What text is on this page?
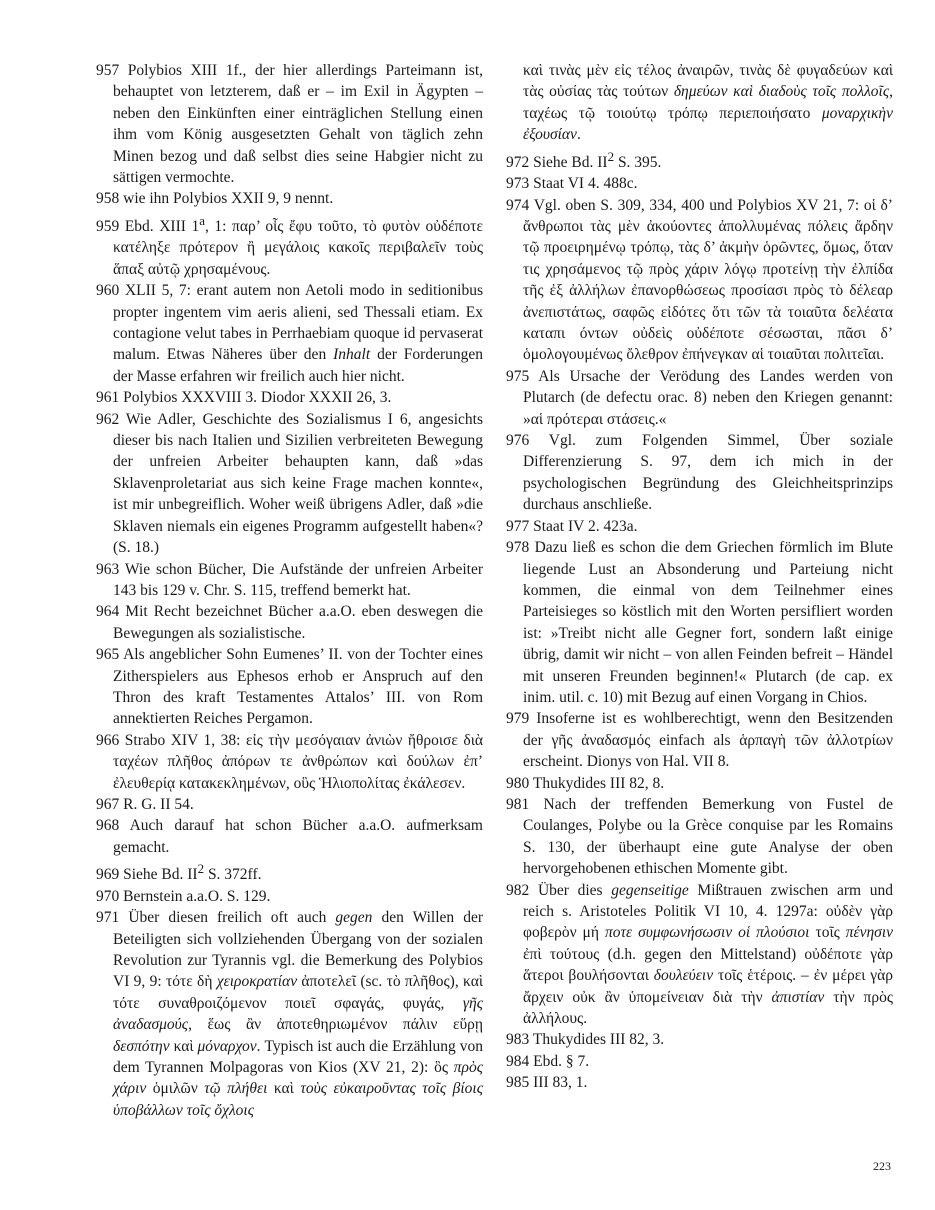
957 Polybios XIII 1f., der hier allerdings Parteimann ist, behauptet von letzterem, daß er – im Exil in Ägypten – neben den Einkünften einer einträglichen Stellung einen ihm vom König ausgesetzten Gehalt von täglich zehn Minen bezog und daß selbst dies seine Habgier nicht zu sättigen vermochte.

958 wie ihn Polybios XXII 9, 9 nennt.

959 Ebd. XIII 1$^a$, 1: παρ’ οἷς ἔφυ τοῦτο, τὸ φυτὸν οὐδέποτε κατέληξε πρότερον ἢ μεγάλοις κακοῖς περιβαλεῖν τοὺς ἅπαξ αὐτῷ χρησαμένους.

960 XLII 5, 7: erant autem non Aetoli modo in seditionibus propter ingentem vim aeris alieni, sed Thessali etiam. Ex contagione velut tabes in Perrhaebiam quoque id pervaserat malum. Etwas Näheres über den Inhalt der Forderungen der Masse erfahren wir freilich auch hier nicht.

961 Polybios XXXVIII 3. Diodor XXXII 26, 3.

962 Wie Adler, Geschichte des Sozialismus I 6, angesichts dieser bis nach Italien und Sizilien verbreiteten Bewegung der unfreien Arbeiter behaupten kann, daß »das Sklavenproletariat aus sich keine Frage machen konnte«, ist mir unbegreiflich. Woher weiß übrigens Adler, daß »die Sklaven niemals ein eigenes Programm aufgestellt haben«? (S. 18.)

963 Wie schon Bücher, Die Aufstände der unfreien Arbeiter 143 bis 129 v. Chr. S. 115, treffend bemerkt hat.

964 Mit Recht bezeichnet Bücher a.a.O. eben deswegen die Bewegungen als sozialistische.

965 Als angeblicher Sohn Eumenes’ II. von der Tochter eines Zitherspielers aus Ephesos erhob er Anspruch auf den Thron des kraft Testamentes Attalos’ III. von Rom annektierten Reiches Pergamon.

966 Strabo XIV 1, 38: εἰς τὴν μεσόγαιαν ἀνιὼν ἤθροισε διὰ ταχέων πλῆθος ἀπόρων τε ἀνθρώπων καὶ δούλων ἐπ’ ἐλευθερίᾳ κατακεκλημένων, οὓς Ἡλιοπολίτας ἐκάλεσεν.

967 R. G. II 54.

968 Auch darauf hat schon Bücher a.a.O. aufmerksam gemacht.

969 Siehe Bd. $II^2$ S. 372ff.

970 Bernstein a.a.O. S. 129.

971 Über diesen freilich oft auch gegen den Willen der Beteiligten sich vollziehenden Übergang von der sozialen Revolution zur Tyrannis vgl. die Bemerkung des Polybios VI 9, 9: τότε δὴ χειροκρατίαν ἀποτελεῖ (sc. τὸ πλῆθος), καὶ τότε συναθροιζόμενον ποιεῖ σφαγάς, φυγάς, γῆς ἀναδασμούς, ἕως ἂν ἀποτεθηριωμένον πάλιν εὕρῃ δεσπότην καὶ μόναρχον. Typisch ist auch die Erzählung von dem Tyrannen Molpagoras von Kios (XV 21, 2): ὃς πρὸς χάριν ὁμιλῶν τῷ πλήθει καὶ τοὺς εὐκαιροῦντας τοῖς βίοις ὑποβάλλων τοῖς ὄχλοις

καὶ τινὰς μὲν εἰς τέλος ἀναιρῶν, τινὰς δὲ φυγαδεύων καὶ τὰς οὐσίας τὰς τούτων δημεύων καὶ διαδοὺς τοῖς πολλοῖς, ταχέως τῷ τοιούτῳ τρόπῳ περιεποιήσατο μοναρχικὴν ἐξουσίαν.

972 Siehe Bd. $II^2$ S. 395.

973 Staat VI 4. 488c.

974 Vgl. oben S. 309, 334, 400 und Polybios XV 21, 7: οἱ δ’ ἄνθρωποι τὰς μὲν ἀκούοντες ἀπολλυμένας πόλεις ἄρδην τῷ προειρημένῳ τρόπῳ, τὰς δ’ ἀκμὴν ὁρῶντες, ὅμως, ὅταν τις χρησάμενος τῷ πρὸς χάριν λόγῳ προτείνῃ τὴν ἐλπίδα τῆς ἐξ ἀλλήλων ἐπανορθώσεως προσίασι πρὸς τὸ δέλεαρ ἀνεπιστάτως, σαφῶς εἰδότες ὅτι τῶν τὰ τοιαῦτα δελέατα καταπι όντων οὐδεὶς οὐδέποτε σέσωσται, πᾶσι δ’ ὁμολογουμένως ὄλεθρον ἐπήνεγκαν αἱ τοιαῦται πολιτεῖαι.

975 Als Ursache der Verödung des Landes werden von Plutarch (de defectu orac. 8) neben den Kriegen genannt: »αἱ πρότεραι στάσεις.«

976 Vgl. zum Folgenden Simmel, Über soziale Differenzierung S. 97, dem ich mich in der psychologischen Begründung des Gleichheitsprinzips durchaus anschließe.

977 Staat IV 2. 423a.

978 Dazu ließ es schon die dem Griechen förmlich im Blute liegende Lust an Absonderung und Parteiung nicht kommen, die einmal von dem Teilnehmer eines Parteisieges so köstlich mit den Worten persifliert worden ist: »Treibt nicht alle Gegner fort, sondern laßt einige übrig, damit wir nicht – von allen Feinden befreit – Händel mit unseren Freunden beginnen!« Plutarch (de cap. ex inim. util. c. 10) mit Bezug auf einen Vorgang in Chios.

979 Insoferne ist es wohlberechtigt, wenn den Besitzenden der γῆς ἀναδασμός einfach als ἁρπαγὴ τῶν ἀλλοτρίων erscheint. Dionys von Hal. VII 8.

980 Thukydides III 82, 8.

981 Nach der treffenden Bemerkung von Fustel de Coulanges, Polybe ou la Grèce conquise par les Romains S. 130, der überhaupt eine gute Analyse der oben hervorgehobenen ethischen Momente gibt.

982 Über dies gegenseitige Mißtrauen zwischen arm und reich s. Aristoteles Politik VI 10, 4. 1297a: οὐδὲν γὰρ φοβερὸν μή ποτε συμφωνήσωσιν οἱ πλούσιοι τοῖς πένησιν ἐπὶ τούτους (d.h. gegen den Mittelstand) οὐδέποτε γὰρ ἅτεροι βουλήσονται δουλεύειν τοῖς ἑτέροις. – ἐν μέρει γὰρ ἄρχειν οὐκ ἂν ὑπομείνειαν διὰ τὴν ἀπιστίαν τὴν πρὸς ἀλλήλους.

983 Thukydides III 82, 3.

984 Ebd. § 7.

985 III 83, 1.

223
